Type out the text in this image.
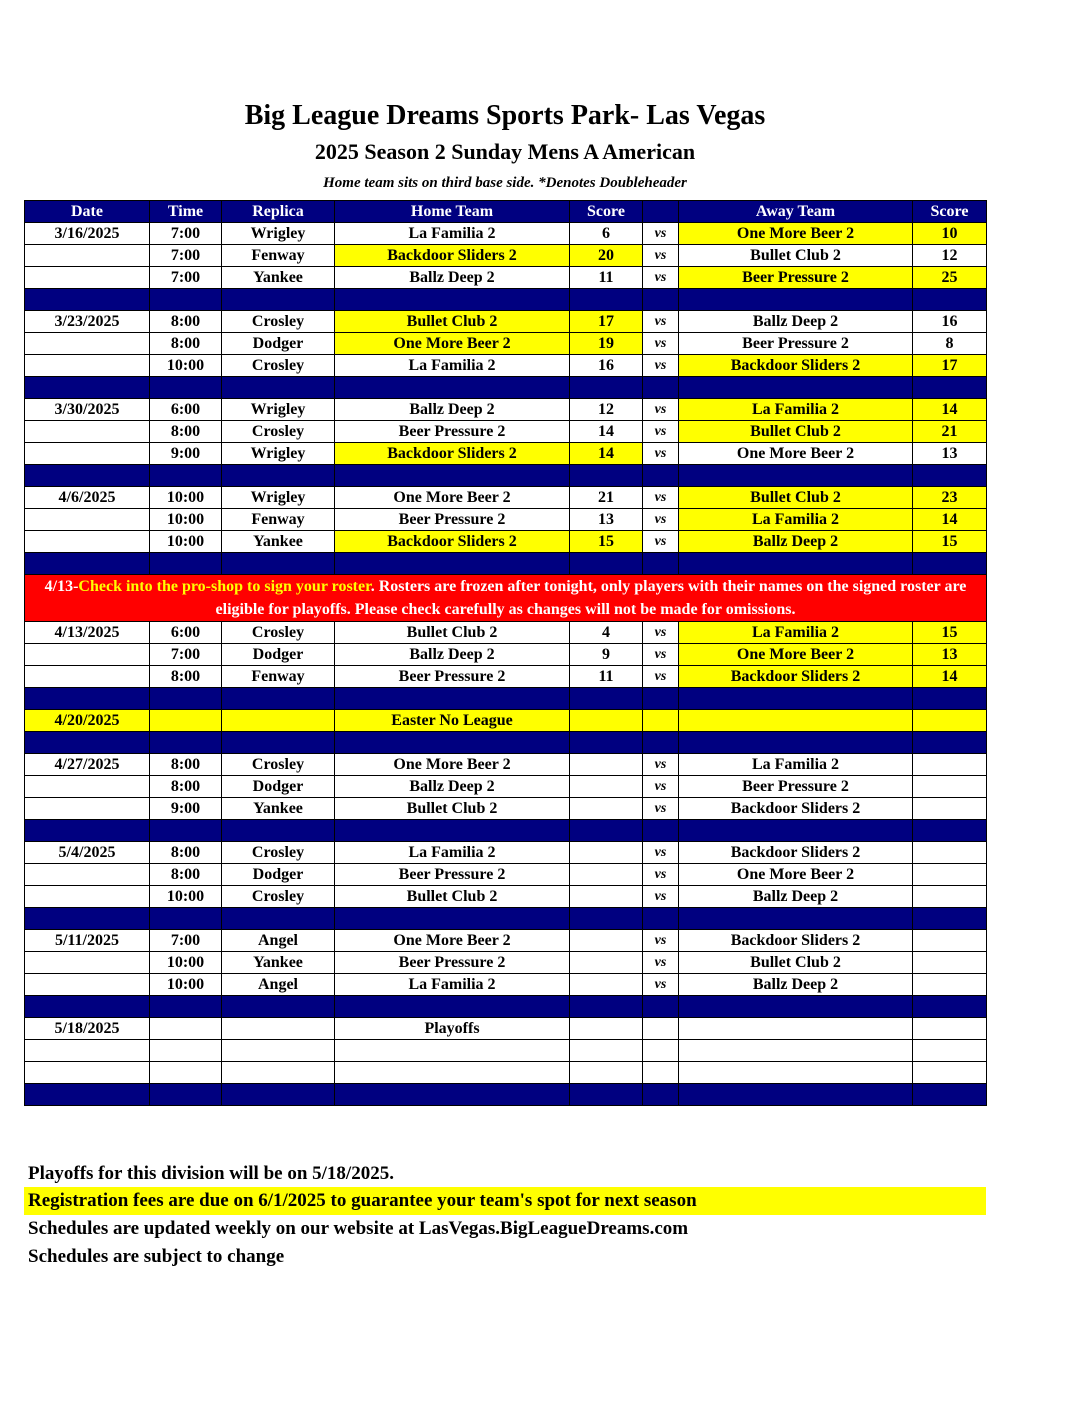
Big League Dreams Sports Park- Las Vegas
2025 Season 2 Sunday Mens A American
Home team sits on third base side. *Denotes Doubleheader
Date	Time	Replica	Home Team	Score		Away Team	Score
3/16/2025	7:00	Wrigley	La Familia 2	6	vs	One More Beer 2	10
	7:00	Fenway	Backdoor Sliders 2	20	vs	Bullet Club 2	12
	7:00	Yankee	Ballz Deep 2	11	vs	Beer Pressure 2	25

3/23/2025	8:00	Crosley	Bullet Club 2	17	vs	Ballz Deep 2	16
	8:00	Dodger	One More Beer 2	19	vs	Beer Pressure 2	8
	10:00	Crosley	La Familia 2	16	vs	Backdoor Sliders 2	17

3/30/2025	6:00	Wrigley	Ballz Deep 2	12	vs	La Familia 2	14
	8:00	Crosley	Beer Pressure 2	14	vs	Bullet Club 2	21
	9:00	Wrigley	Backdoor Sliders 2	14	vs	One More Beer 2	13

4/6/2025	10:00	Wrigley	One More Beer 2	21	vs	Bullet Club 2	23
	10:00	Fenway	Beer Pressure 2	13	vs	La Familia 2	14
	10:00	Yankee	Backdoor Sliders 2	15	vs	Ballz Deep 2	15

4/13-Check into the pro-shop to sign your roster. Rosters are frozen after tonight, only players with their names on the signed roster are eligible for playoffs. Please check carefully as changes will not be made for omissions.							
4/13/2025	6:00	Crosley	Bullet Club 2	4	vs	La Familia 2	15
	7:00	Dodger	Ballz Deep 2	9	vs	One More Beer 2	13
	8:00	Fenway	Beer Pressure 2	11	vs	Backdoor Sliders 2	14

4/20/2025			Easter No League				

4/27/2025	8:00	Crosley	One More Beer 2		vs	La Familia 2	
	8:00	Dodger	Ballz Deep 2		vs	Beer Pressure 2	
	9:00	Yankee	Bullet Club 2		vs	Backdoor Sliders 2	

5/4/2025	8:00	Crosley	La Familia 2		vs	Backdoor Sliders 2	
	8:00	Dodger	Beer Pressure 2		vs	One More Beer 2	
	10:00	Crosley	Bullet Club 2		vs	Ballz Deep 2	

5/11/2025	7:00	Angel	One More Beer 2		vs	Backdoor Sliders 2	
	10:00	Yankee	Beer Pressure 2		vs	Bullet Club 2	
	10:00	Angel	La Familia 2		vs	Ballz Deep 2	

5/18/2025			Playoffs				

Playoffs for this division will be on 5/18/2025.
Registration fees are due on 6/1/2025 to guarantee your team's spot for next season
Schedules are updated weekly on our website at LasVegas.BigLeagueDreams.com
Schedules are subject to change
